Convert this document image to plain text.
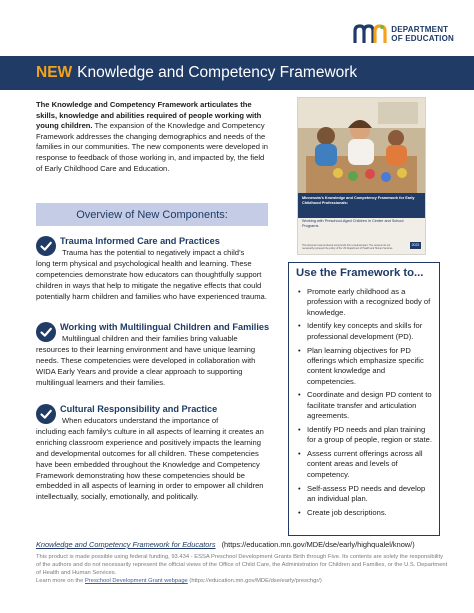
DEPARTMENT
OF EDUCATION
NEW Knowledge and Competency Framework

The Knowledge and Competency Framework articulates the skills, knowledge and abilities required of people working with young children. The expansion of the Knowledge and Competency Framework addresses the changing demographics and needs of the families in our communities. The new components were developed in response to feedback of those working in, and impacted by, the field of Early Childhood Care and Education.

Overview of New Components:
Trauma Informed Care and Practices
Trauma has the potential to negatively impact a child’s
long term physical and psychological health and learning. These competencies demonstrate how educators can thoughtfully support children in ways that help to mitigate the negative effects that could potentially harm children and families who have experienced trauma.
Working with Multilingual Children and Families
Multilingual children and their families bring valuable
resources to their learning environment and have unique learning needs. These competencies were developed in collaboration with WIDA Early Years and provide a clear approach to supporting multilingual learners and their families.
Cultural Responsibility and Practice
When educators understand the importance of
including each family’s culture in all aspects of learning it creates an enriching classroom experience and positively impacts the learning and developmental outcomes for all children. These competencies have been embedded throughout the Knowledge and Competency Framework demonstrating how these competencies should be embedded in all aspects of learning in order to empower all children intellectually, socially, emotionally, and politically.
Minnesota’s Knowledge and Competency Framework for Early Childhood Professionals:
Working with Preschool-Aged Children in Center and School Programs
This document was produced using funds from a federal grant. The contents do not necessarily represent the policy of the US Department of Health and Human Services.
2022
Use the Framework to...
• Promote early childhood as a profession with a recognized body of knowledge.
• Identify key concepts and skills for professional development (PD).
• Plan learning objectives for PD offerings which emphasize specific content knowledge and competencies.
• Coordinate and design PD content to facilitate transfer and articulation agreements.
• Identify PD needs and plan training for a group of people, region or state.
• Assess current offerings across all content areas and levels of competency.
• Self-assess PD needs and develop an individual plan.
• Create job descriptions.
Knowledge and Competency Framework for Educators (https://education.mn.gov/MDE/dse/early/highqualel/know/)
This product is made possible using federal funding, 93.434 - ESSA Preschool Development Grants Birth through Five. Its contents are solely the responsibility of the authors and do not necessarily represent the official views of the Office of Child Care, the Administration for Children and Families, or the U.S. Department of Health and Human Services.
Learn more on the Preschool Development Grant webpage (https://education.mn.gov/MDE/dse/early/preschgr/)
